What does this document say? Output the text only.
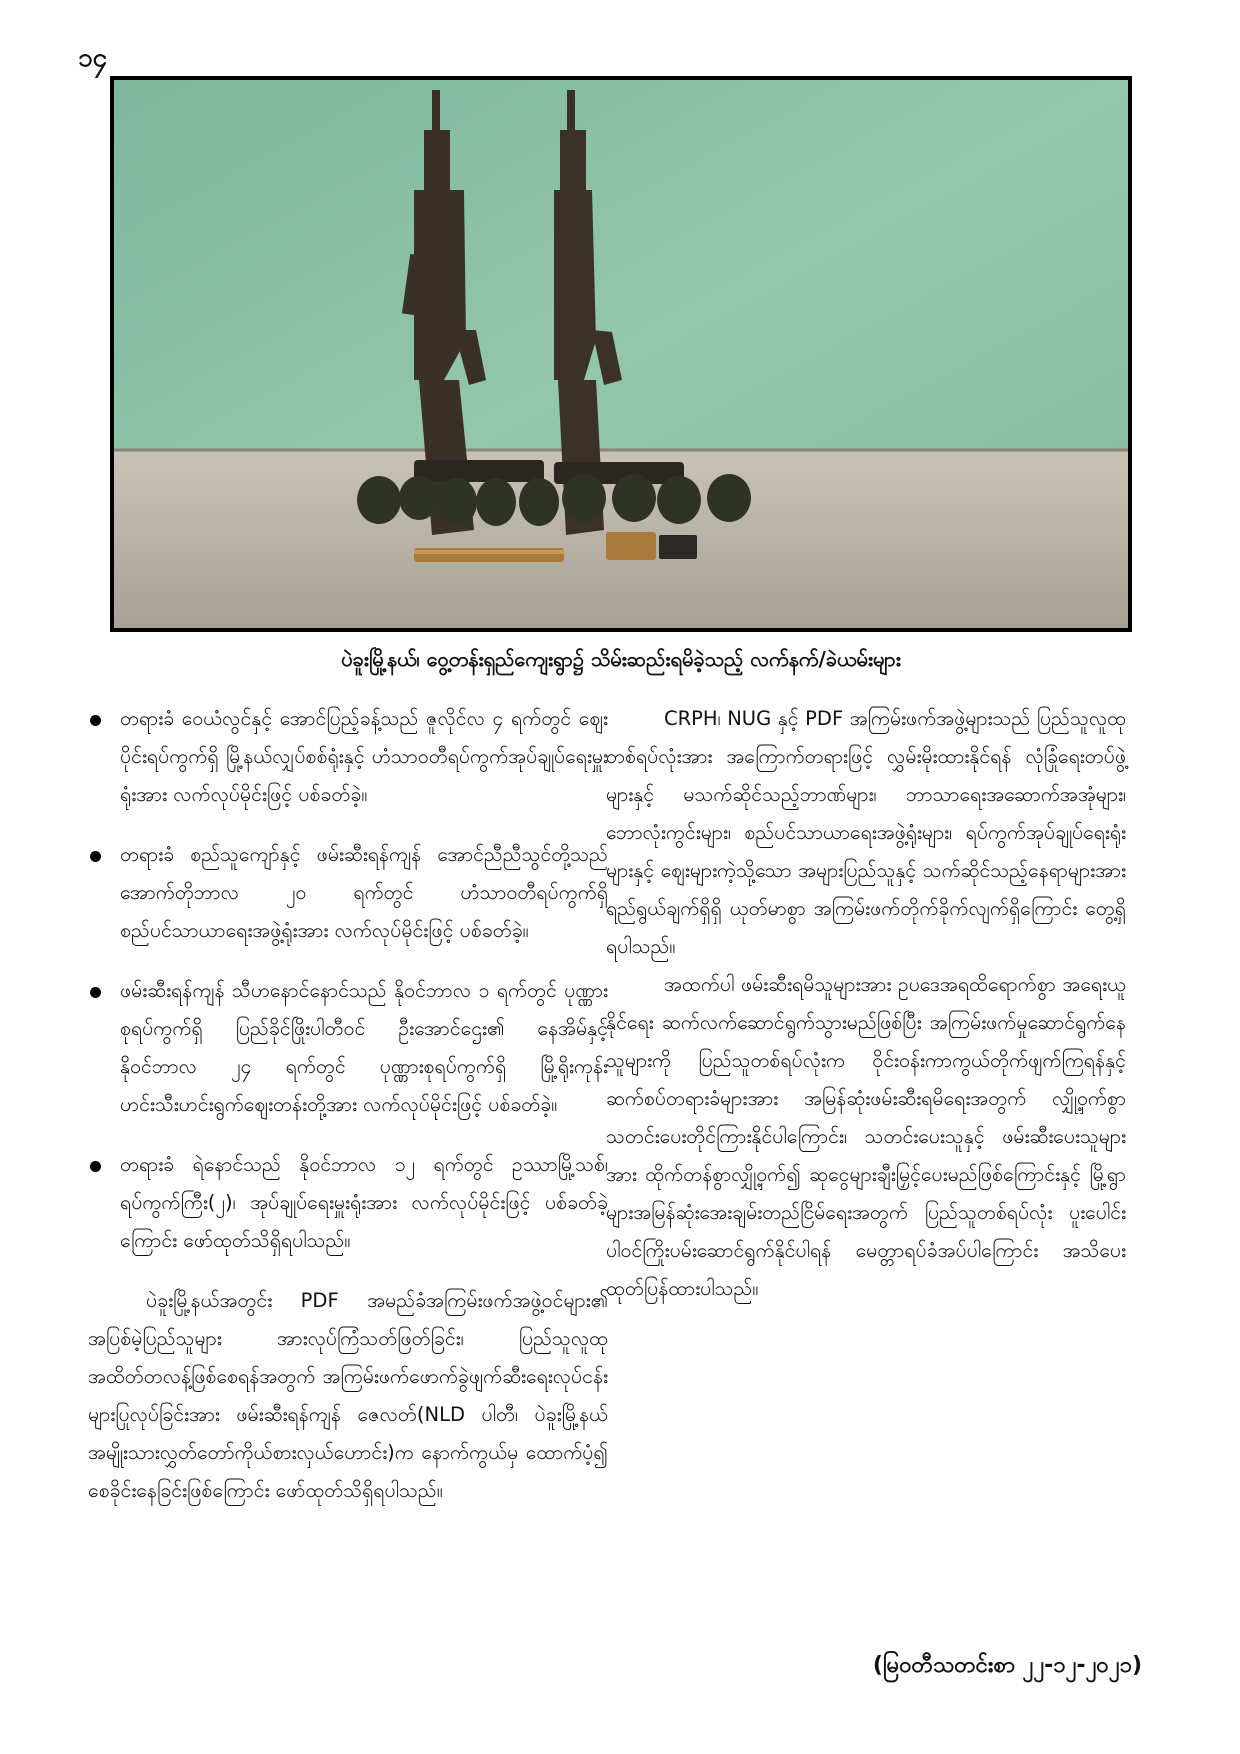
၁၄
ပဲခူးမြို့နယ်၊ ဝွေ့တန်းရှည်ကျေးရွာ၌ သိမ်းဆည်းရမိခဲ့သည့် လက်နက်/ခဲယမ်းများ
တရားခံ ဝေယံလွင်နှင့် အောင်ပြည့်ခန့်သည် ဇူလိုင်လ ၄ ရက်တွင် ဈေးပိုင်းရပ်ကွက်ရှိ မြို့နယ်လျှပ်စစ်ရုံးနှင့် ဟံသာဝတီရပ်ကွက်အုပ်ချုပ်ရေးမှူးရုံးအား လက်လုပ်မိုင်းဖြင့် ပစ်ခတ်ခဲ့။
တရားခံ စည်သူကျော်နှင့် ဖမ်းဆီးရန်ကျန် အောင်ညီညီသွင်တို့သည် အောက်တိုဘာလ ၂၀ ရက်တွင် ဟံသာဝတီရပ်ကွက်ရှိ စည်ပင်သာယာရေးအဖွဲ့ရုံးအား လက်လုပ်မိုင်းဖြင့် ပစ်ခတ်ခဲ့။
ဖမ်းဆီးရန်ကျန် သီဟနောင်နောင်သည် နိုဝင်ဘာလ ၁ ရက်တွင် ပုဏ္ဏားစုရပ်ကွက်ရှိ ပြည်ခိုင်ဖြိုးပါတီဝင် ဦးအောင်ဌေး၏ နေအိမ်နှင့် နိုဝင်ဘာလ ၂၄ ရက်တွင် ပုဏ္ဏားစုရပ်ကွက်ရှိ မြို့ရိုးကုန်းဟင်းသီးဟင်းရွက်ဈေးတန်းတို့အား လက်လုပ်မိုင်းဖြင့် ပစ်ခတ်ခဲ့။
တရားခံ ရဲနောင်သည် နိုဝင်ဘာလ ၁၂ ရက်တွင် ဥဿာမြို့သစ်၊ ရပ်ကွက်ကြီး(၂)၊ အုပ်ချုပ်ရေးမှူးရုံးအား လက်လုပ်မိုင်းဖြင့် ပစ်ခတ်ခဲ့ကြောင်း ဖော်ထုတ်သိရှိရပါသည်။

ပဲခူးမြို့နယ်အတွင်း PDF အမည်ခံအကြမ်းဖက်အဖွဲ့ဝင်များ၏ အပြစ်မဲ့ပြည်သူများ အားလုပ်ကြံသတ်ဖြတ်ခြင်း၊ ပြည်သူလူထုအထိတ်တလန့်ဖြစ်စေရန်အတွက် အကြမ်းဖက်ဖောက်ခွဲဖျက်ဆီးရေးလုပ်ငန်းများပြုလုပ်ခြင်းအား ဖမ်းဆီးရန်ကျန် ဇေလတ်(NLD ပါတီ၊ ပဲခူးမြို့နယ် အမျိုးသားလွှတ်တော်ကိုယ်စားလှယ်ဟောင်း)က နောက်ကွယ်မှ ထောက်ပံ့၍ စေခိုင်းနေခြင်းဖြစ်ကြောင်း ဖော်ထုတ်သိရှိရပါသည်။

CRPH၊ NUG နှင့် PDF အကြမ်းဖက်အဖွဲ့များသည် ပြည်သူလူထုတစ်ရပ်လုံးအား အကြောက်တရားဖြင့် လွှမ်းမိုးထားနိုင်ရန် လုံခြုံရေးတပ်ဖွဲ့များနှင့် မသက်ဆိုင်သည့်ဘာဏ်များ၊ ဘာသာရေးအဆောက်အအုံများ၊ ဘောလုံးကွင်းများ၊ စည်ပင်သာယာရေးအဖွဲ့ရုံးများ၊ ရပ်ကွက်အုပ်ချုပ်ရေးရုံးများနှင့် ဈေးများကဲ့သို့သော အများပြည်သူနှင့် သက်ဆိုင်သည့်နေရာများအား ရည်ရွယ်ချက်ရှိရှိ ယုတ်မာစွာ အကြမ်းဖက်တိုက်ခိုက်လျက်ရှိကြောင်း တွေ့ရှိရပါသည်။

အထက်ပါ ဖမ်းဆီးရမိသူများအား ဥပဒေအရထိရောက်စွာ အရေးယူနိုင်ရေး ဆက်လက်ဆောင်ရွက်သွားမည်ဖြစ်ပြီး အကြမ်းဖက်မှုဆောင်ရွက်နေသူများကို ပြည်သူတစ်ရပ်လုံးက ဝိုင်းဝန်းကာကွယ်တိုက်ဖျက်ကြရန်နှင့် ဆက်စပ်တရားခံများအား အမြန်ဆုံးဖမ်းဆီးရမိရေးအတွက် လျှို့ဝှက်စွာသတင်းပေးတိုင်ကြားနိုင်ပါကြောင်း၊ သတင်းပေးသူနှင့် ဖမ်းဆီးပေးသူများအား ထိုက်တန်စွာလျှို့ဝှက်၍ ဆုငွေများချီးမြှင့်ပေးမည်ဖြစ်ကြောင်းနှင့် မြို့ရွာများအမြန်ဆုံးအေးချမ်းတည်ငြိမ်ရေးအတွက် ပြည်သူတစ်ရပ်လုံး ပူးပေါင်းပါဝင်ကြိုးပမ်းဆောင်ရွက်နိုင်ပါရန် မေတ္တာရပ်ခံအပ်ပါကြောင်း အသိပေးထုတ်ပြန်ထားပါသည်။

(မြဝတီသတင်းစာ ၂၂-၁၂-၂၀၂၁)
